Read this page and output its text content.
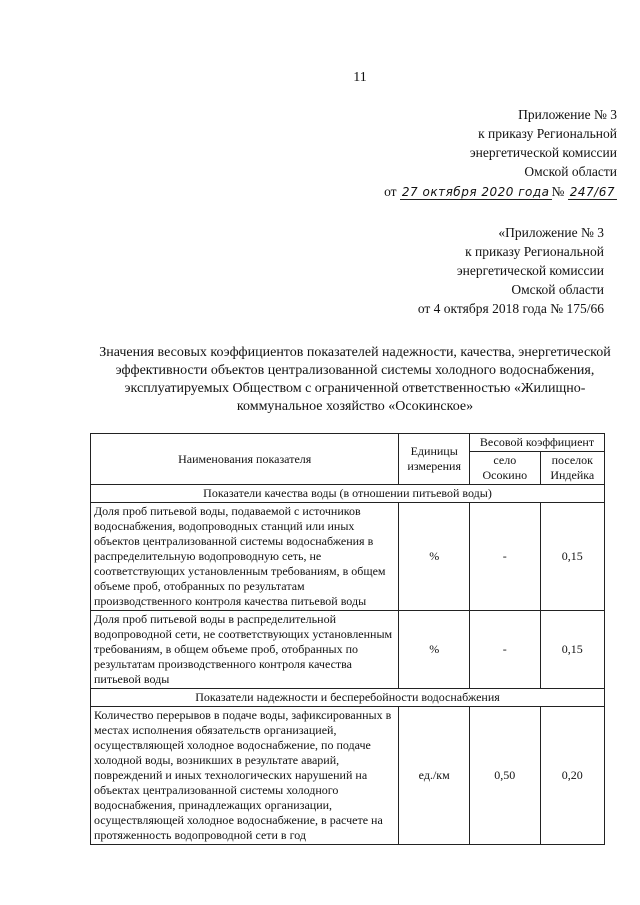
11
Приложение № 3
к приказу Региональной
энергетической комиссии
Омской области
от 27 октября 2020 года № 247/67
«Приложение № 3
к приказу Региональной
энергетической комиссии
Омской области
от 4 октября 2018 года № 175/66
Значения весовых коэффициентов показателей надежности, качества, энергетической эффективности объектов централизованной системы холодного водоснабжения, эксплуатируемых Обществом с ограниченной ответственностью «Жилищно-коммунальное хозяйство «Осокинское»
Наименования показателя	Единицы измерения	Весовой коэффициент	
		село Осокино	поселок Индейка
Показатели качества воды (в отношении питьевой воды)			
Доля проб питьевой воды, подаваемой с источников водоснабжения, водопроводных станций или иных объектов централизованной системы водоснабжения в распределительную водопроводную сеть, не соответствующих установленным требованиям, в общем объеме проб, отобранных по результатам производственного контроля качества питьевой воды	%	-	0,15
Доля проб питьевой воды в распределительной водопроводной сети, не соответствующих установленным требованиям, в общем объеме проб, отобранных по результатам производственного контроля качества питьевой воды	%	-	0,15
Показатели надежности и бесперебойности водоснабжения			
Количество перерывов в подаче воды, зафиксированных в местах исполнения обязательств организацией, осуществляющей холодное водоснабжение, по подаче холодной воды, возникших в результате аварий, повреждений и иных технологических нарушений на объектах централизованной системы холодного водоснабжения, принадлежащих организации, осуществляющей холодное водоснабжение, в расчете на протяженность водопроводной сети в год	ед./км	0,50	0,20
